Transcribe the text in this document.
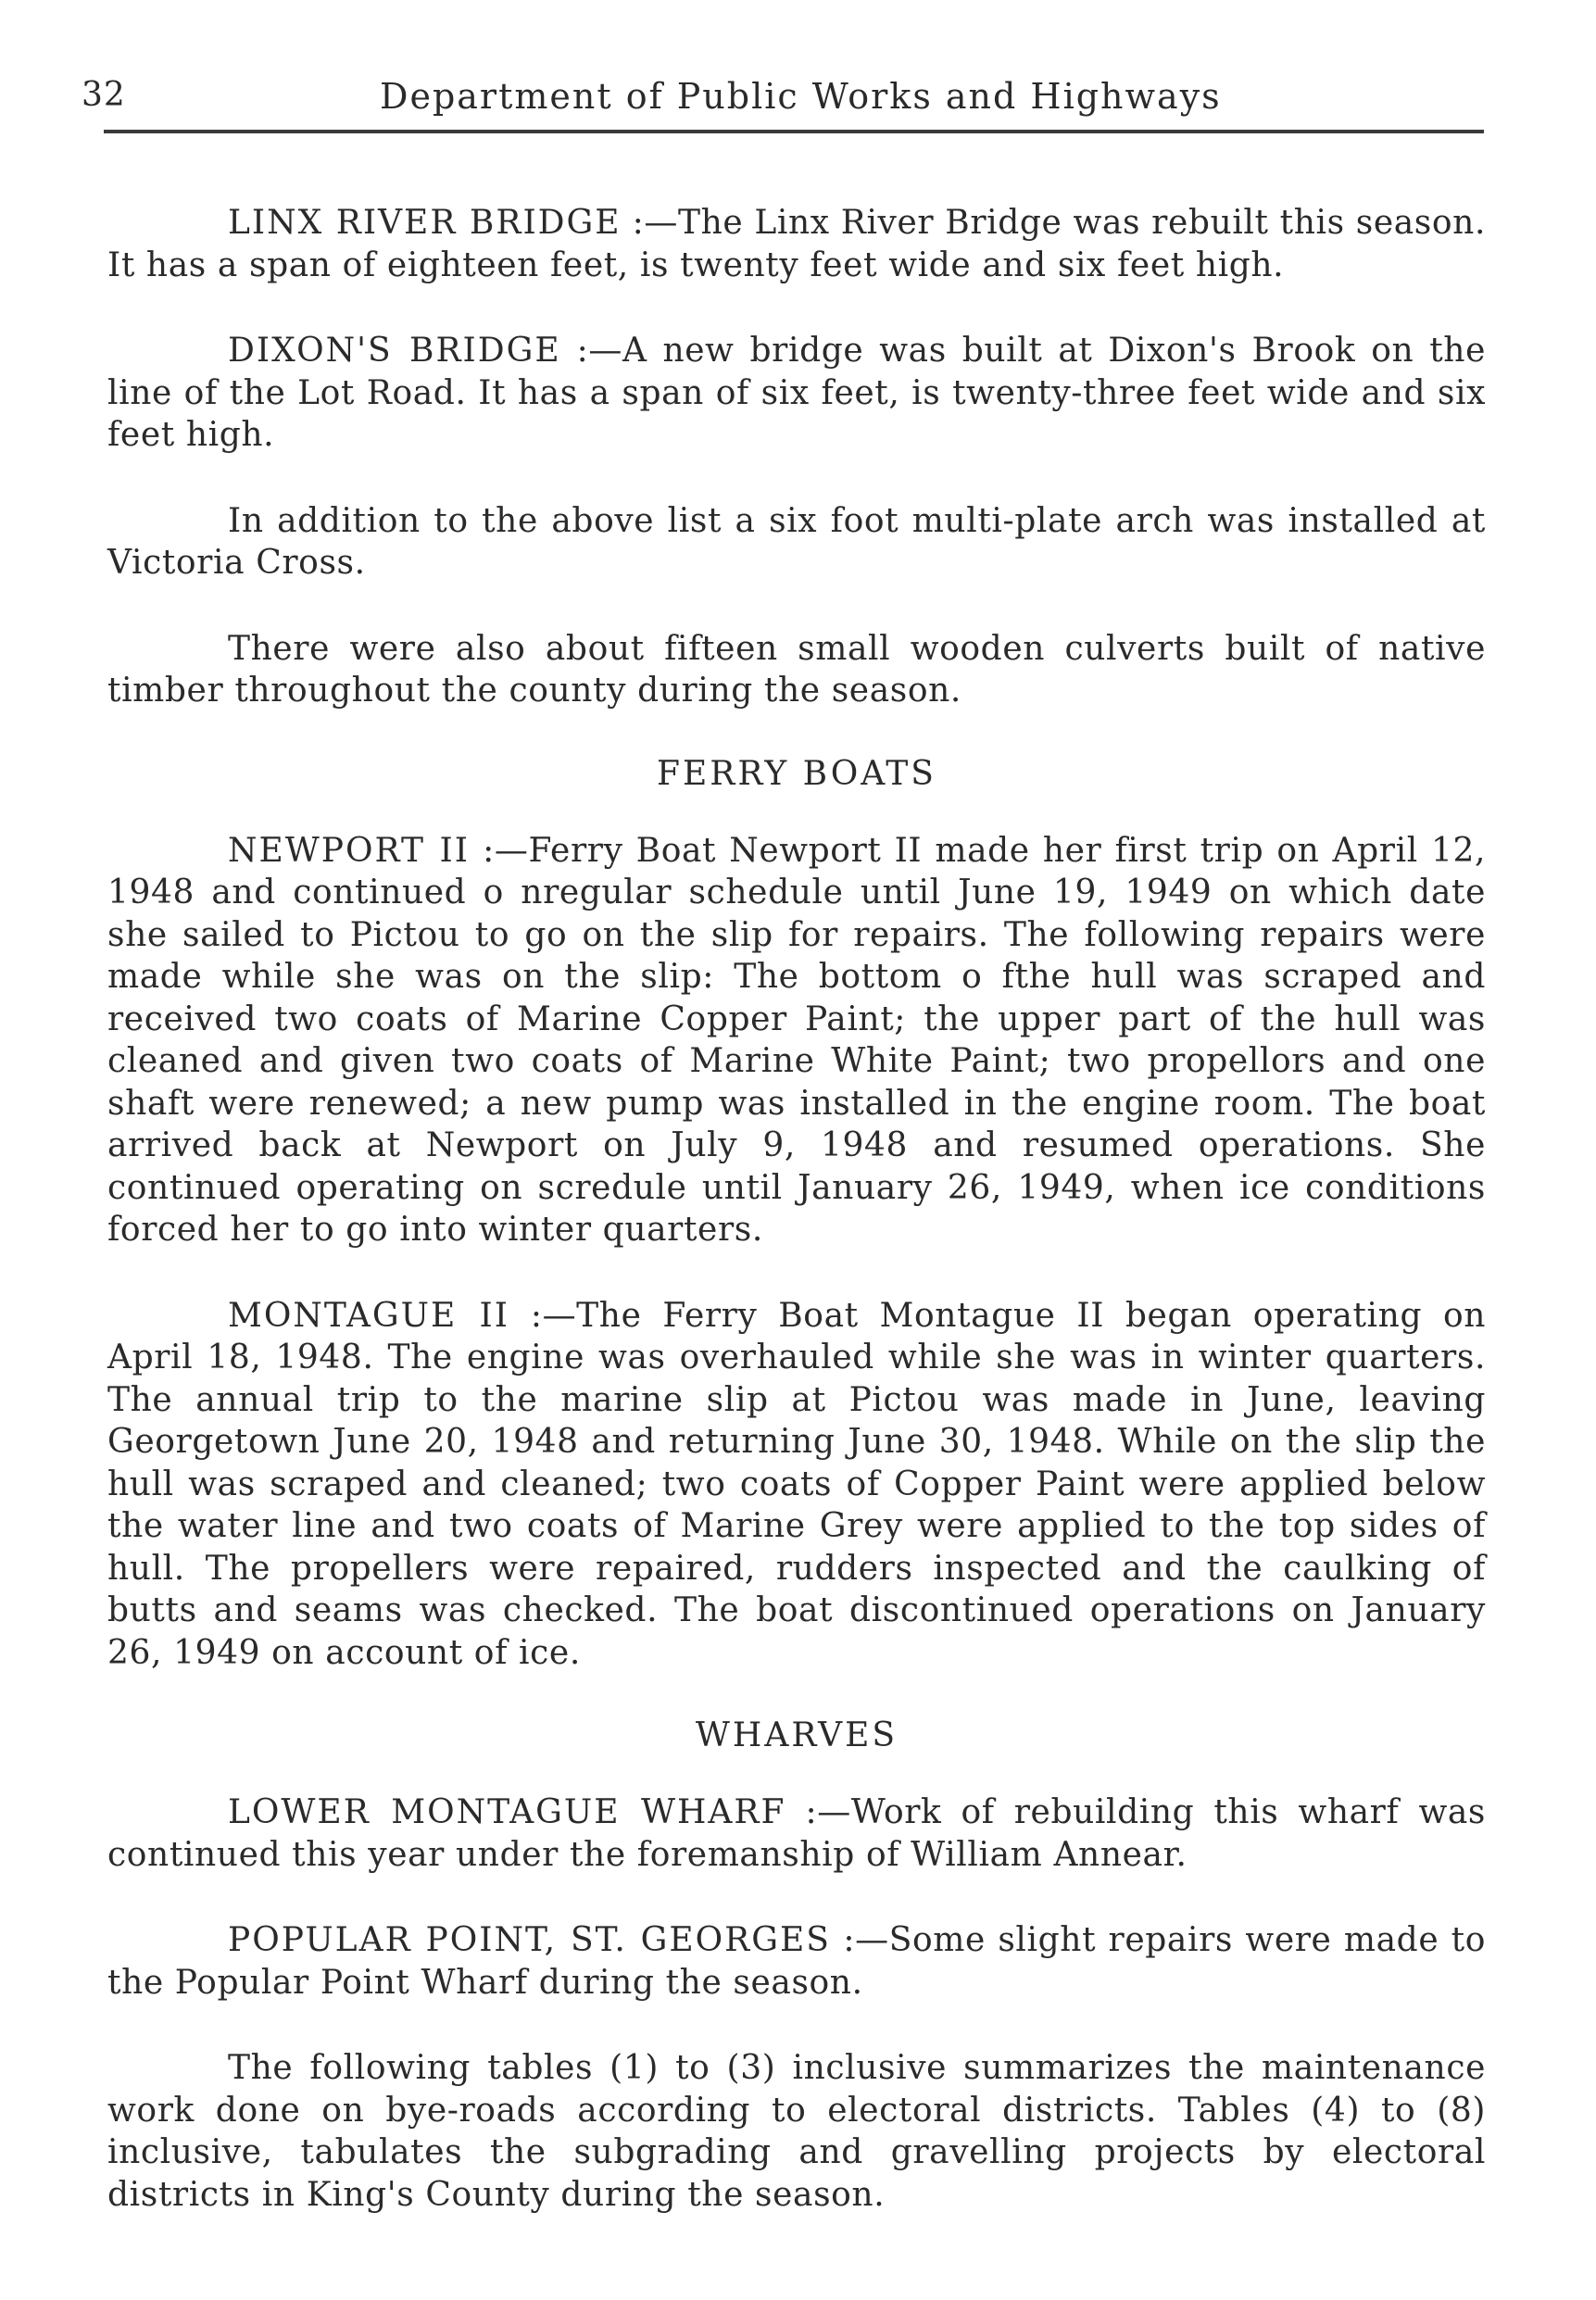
32	Department of Public Works and Highways

LINX RIVER BRIDGE :—The Linx River Bridge was rebuilt this season. It has a span of eighteen feet, is twenty feet wide and six feet high.

DIXON'S BRIDGE :—A new bridge was built at Dixon's Brook on the line of the Lot Road. It has a span of six feet, is twenty-three feet wide and six feet high.

In addition to the above list a six foot multi-plate arch was installed at Victoria Cross.

There were also about fifteen small wooden culverts built of native timber throughout the county during the season.

FERRY BOATS

NEWPORT II :—Ferry Boat Newport II made her first trip on April 12, 1948 and continued o nregular schedule until June 19, 1949 on which date she sailed to Pictou to go on the slip for repairs. The following repairs were made while she was on the slip: The bottom o fthe hull was scraped and received two coats of Marine Copper Paint; the upper part of the hull was cleaned and given two coats of Marine White Paint; two propellors and one shaft were renewed; a new pump was installed in the engine room. The boat arrived back at Newport on July 9, 1948 and resumed operations. She continued operating on scredule until January 26, 1949, when ice conditions forced her to go into winter quarters.

MONTAGUE II :—The Ferry Boat Montague II began operating on April 18, 1948. The engine was overhauled while she was in winter quarters. The annual trip to the marine slip at Pictou was made in June, leaving Georgetown June 20, 1948 and returning June 30, 1948. While on the slip the hull was scraped and cleaned; two coats of Copper Paint were applied below the water line and two coats of Marine Grey were applied to the top sides of hull. The propellers were repaired, rudders inspected and the caulking of butts and seams was checked. The boat discontinued operations on January 26, 1949 on account of ice.

WHARVES

LOWER MONTAGUE WHARF :—Work of rebuilding this wharf was continued this year under the foremanship of William Annear.

POPULAR POINT, ST. GEORGES :—Some slight repairs were made to the Popular Point Wharf during the season.

The following tables (1) to (3) inclusive summarizes the maintenance work done on bye-roads according to electoral districts. Tables (4) to (8) inclusive, tabulates the subgrading and gravelling projects by electoral districts in King's County during the season.
